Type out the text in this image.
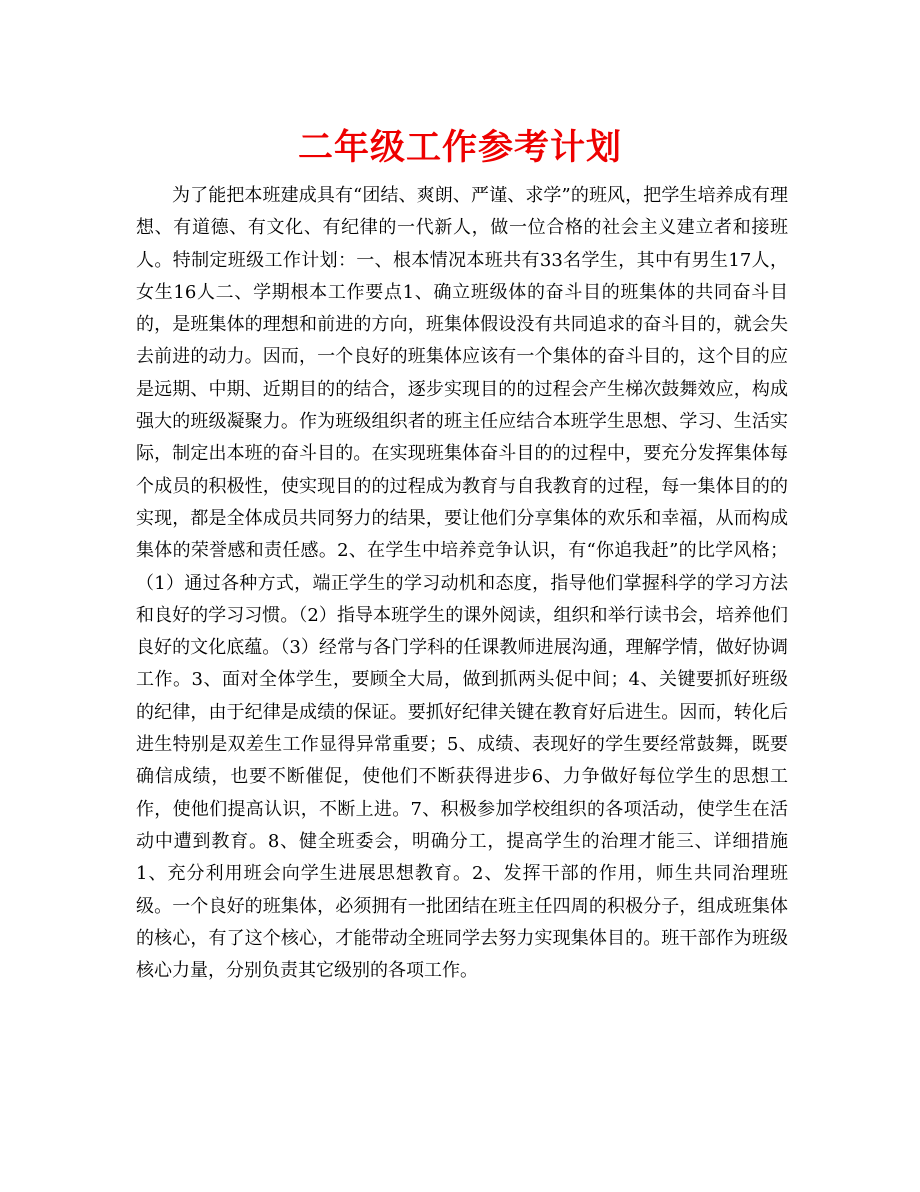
二年级工作参考计划

为了能把本班建成具有“团结、爽朗、严谨、求学”的班风，把学生培养成有理想、有道德、有文化、有纪律的一代新人，做一位合格的社会主义建立者和接班人。特制定班级工作计划：一、根本情况本班共有33名学生，其中有男生17人，女生16人二、学期根本工作要点1、确立班级体的奋斗目的班集体的共同奋斗目的，是班集体的理想和前进的方向，班集体假设没有共同追求的奋斗目的，就会失去前进的动力。因而，一个良好的班集体应该有一个集体的奋斗目的，这个目的应是远期、中期、近期目的的结合，逐步实现目的的过程会产生梯次鼓舞效应，构成强大的班级凝聚力。作为班级组织者的班主任应结合本班学生思想、学习、生活实际，制定出本班的奋斗目的。在实现班集体奋斗目的的过程中，要充分发挥集体每个成员的积极性，使实现目的的过程成为教育与自我教育的过程，每一集体目的的实现，都是全体成员共同努力的结果，要让他们分享集体的欢乐和幸福，从而构成集体的荣誉感和责任感。2、在学生中培养竞争认识，有“你追我赶”的比学风格；（1）通过各种方式，端正学生的学习动机和态度，指导他们掌握科学的学习方法和良好的学习习惯。（2）指导本班学生的课外阅读，组织和举行读书会，培养他们良好的文化底蕴。（3）经常与各门学科的任课教师进展沟通，理解学情，做好协调工作。3、面对全体学生，要顾全大局，做到抓两头促中间；4、关键要抓好班级的纪律，由于纪律是成绩的保证。要抓好纪律关键在教育好后进生。因而，转化后进生特别是双差生工作显得异常重要；5、成绩、表现好的学生要经常鼓舞，既要确信成绩，也要不断催促，使他们不断获得进步6、力争做好每位学生的思想工作，使他们提高认识，不断上进。7、积极参加学校组织的各项活动，使学生在活动中遭到教育。8、健全班委会，明确分工，提高学生的治理才能三、详细措施1、充分利用班会向学生进展思想教育。2、发挥干部的作用，师生共同治理班级。一个良好的班集体，必须拥有一批团结在班主任四周的积极分子，组成班集体的核心，有了这个核心，才能带动全班同学去努力实现集体目的。班干部作为班级核心力量，分别负责其它级别的各项工作。
